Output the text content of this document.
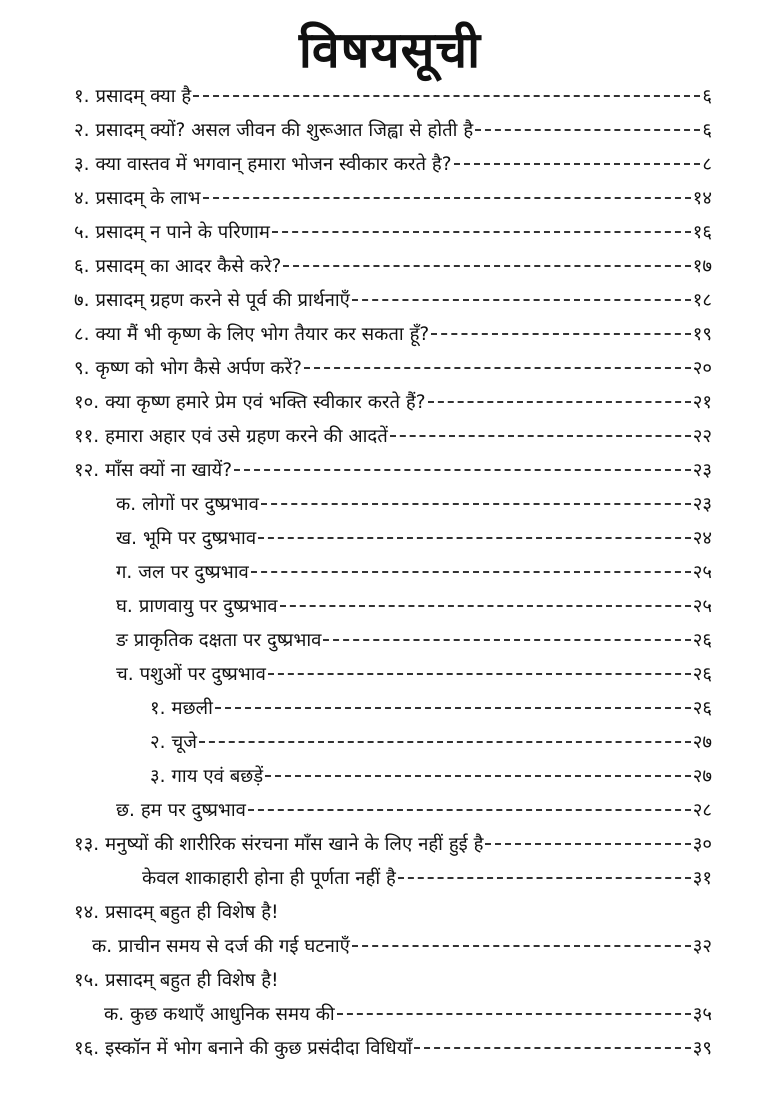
विषयसूची
१. प्रसादम् क्या है	६
२. प्रसादम् क्यों? असल जीवन की शुरूआत जिह्वा से होती है	६
३. क्या वास्तव में भगवान् हमारा भोजन स्वीकार करते है?	८
४. प्रसादम् के लाभ	१४
५. प्रसादम् न पाने के परिणाम	१६
६. प्रसादम् का आदर कैसे करे?	१७
७. प्रसादम् ग्रहण करने से पूर्व की प्रार्थनाएँ	१८
८. क्या मैं भी कृष्ण के लिए भोग तैयार कर सकता हूँ?	१९
९. कृष्ण को भोग कैसे अर्पण करें?	२०
१०. क्या कृष्ण हमारे प्रेम एवं भक्ति स्वीकार करते हैं?	२१
११. हमारा अहार एवं उसे ग्रहण करने की आदतें	२२
१२. माँस क्यों ना खायें?	२३
क. लोगों पर दुष्प्रभाव	२३
ख. भूमि पर दुष्प्रभाव	२४
ग. जल पर दुष्प्रभाव	२५
घ. प्राणवायु पर दुष्प्रभाव	२५
ङ प्राकृतिक दक्षता पर दुष्प्रभाव	२६
च. पशुओं पर दुष्प्रभाव	२६
१. मछली	२६
२. चूजे	२७
३. गाय एवं बछड़ें	२७
छ. हम पर दुष्प्रभाव	२८
१३. मनुष्यों की शारीरिक संरचना माँस खाने के लिए नहीं हुई है	३०
केवल शाकाहारी होना ही पूर्णता नहीं है	३१
१४. प्रसादम् बहुत ही विशेष है!
क. प्राचीन समय से दर्ज की गई घटनाएँ	३२
१५. प्रसादम् बहुत ही विशेष है!
क. कुछ कथाएँ आधुनिक समय की	३५
१६. इस्कॉन में भोग बनाने की कुछ प्रसंदीदा विधियाँ	३९
